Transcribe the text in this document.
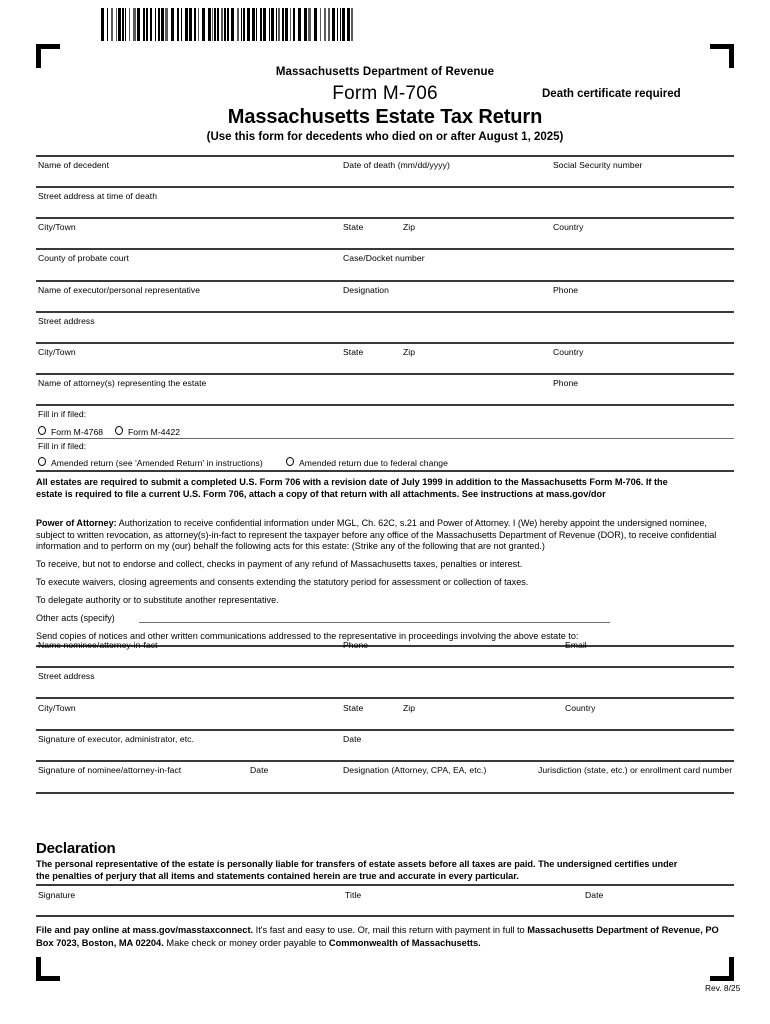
Massachusetts Department of Revenue
Form M-706	Death certificate required
Massachusetts Estate Tax Return
(Use this form for decedents who died on or after August 1, 2025)
Name of decedent	Date of death (mm/dd/yyyy)	Social Security number
Street address at time of death
City/Town	State	Zip	Country
County of probate court	Case/Docket number
Name of executor/personal representative	Designation	Phone
Street address
City/Town	State	Zip	Country
Name of attorney(s) representing the estate	Phone
Fill in if filed:
Form M-4768	Form M-4422
Fill in if filed:
Amended return (see 'Amended Return' in instructions)	Amended return due to federal change
All estates are required to submit a completed U.S. Form 706 with a revision date of July 1999 in addition to the Massachusetts Form M-706. If the
estate is required to file a current U.S. Form 706, attach a copy of that return with all attachments. See instructions at mass.gov/dor
Power of Attorney: Authorization to receive confidential information under MGL, Ch. 62C, s.21 and Power of Attorney. I (We) hereby appoint the undersigned nominee, subject to written revocation, as attorney(s)-in-fact to represent the taxpayer before any office of the Massachusetts Department of Revenue (DOR), to receive confidential information and to perform on my (our) behalf the following acts for this estate: (Strike any of the following that are not granted.)
To receive, but not to endorse and collect, checks in payment of any refund of Massachusetts taxes, penalties or interest.
To execute waivers, closing agreements and consents extending the statutory period for assessment or collection of taxes.
To delegate authority or to substitute another representative.
Other acts (specify)
Send copies of notices and other written communications addressed to the representative in proceedings involving the above estate to:
Name nominee/attorney-in-fact	Phone	Email
Street address
City/Town	State	Zip	Country
Signature of executor, administrator, etc.	Date
Signature of nominee/attorney-in-fact	Date	Designation (Attorney, CPA, EA, etc.)	Jurisdiction (state, etc.) or enrollment card number
Declaration
The personal representative of the estate is personally liable for transfers of estate assets before all taxes are paid. The undersigned certifies under
the penalties of perjury that all items and statements contained herein are true and accurate in every particular.
Signature	Title	Date
File and pay online at mass.gov/masstaxconnect. It's fast and easy to use. Or, mail this return with payment in full to Massachusetts Department of Revenue, PO Box 7023, Boston, MA 02204. Make check or money order payable to Commonwealth of Massachusetts.
Rev. 8/25
